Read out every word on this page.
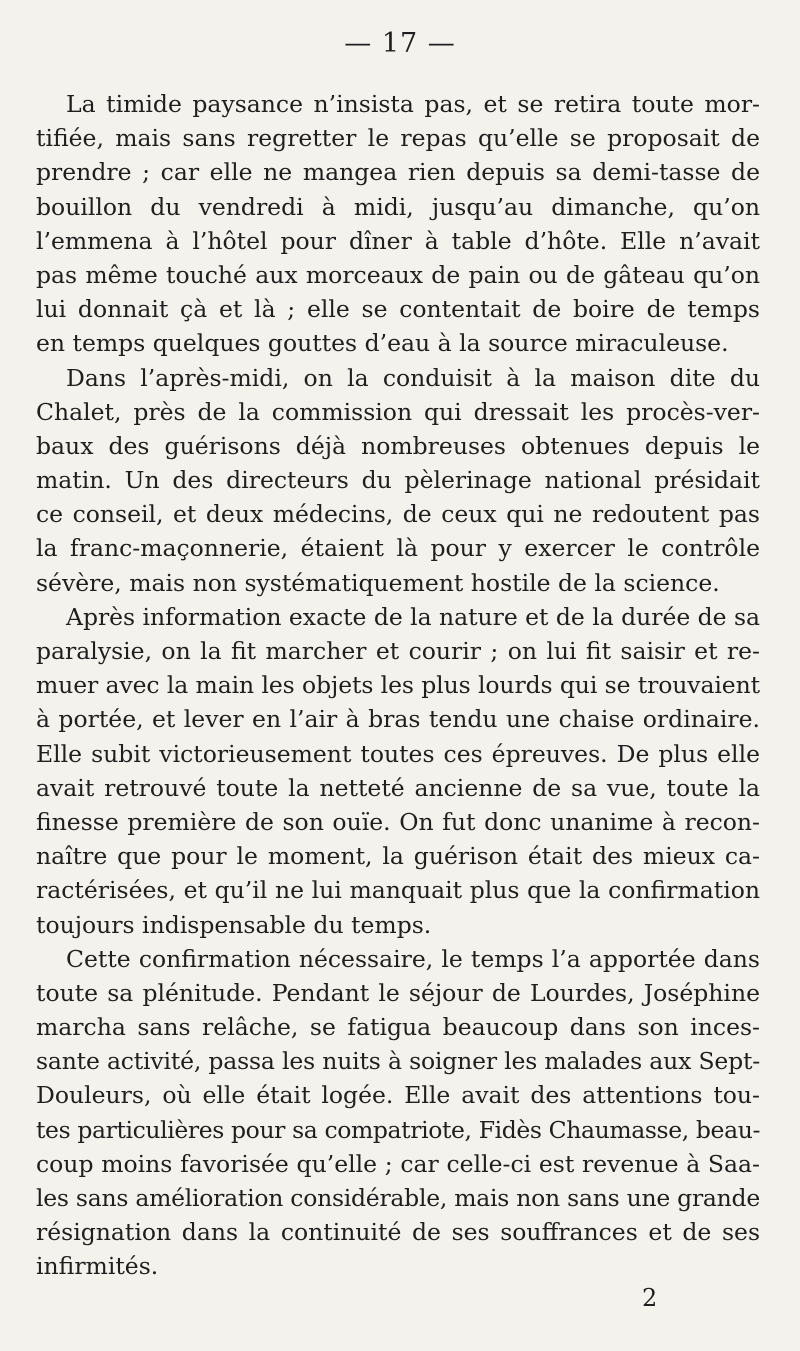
— 17 —
La timide paysance n’insista pas, et se retira toute mor-
tifiée, mais sans regretter le repas qu’elle se proposait de
prendre ; car elle ne mangea rien depuis sa demi-tasse de
bouillon du vendredi à midi, jusqu’au dimanche, qu’on
l’emmena à l’hôtel pour dîner à table d’hôte. Elle n’avait
pas même touché aux morceaux de pain ou de gâteau qu’on
lui donnait çà et là ; elle se contentait de boire de temps
en temps quelques gouttes d’eau à la source miraculeuse.
Dans l’après-midi, on la conduisit à la maison dite du
Chalet, près de la commission qui dressait les procès-ver-
baux des guérisons déjà nombreuses obtenues depuis le
matin. Un des directeurs du pèlerinage national présidait
ce conseil, et deux médecins, de ceux qui ne redoutent pas
la franc-maçonnerie, étaient là pour y exercer le contrôle
sévère, mais non systématiquement hostile de la science.
Après information exacte de la nature et de la durée de sa
paralysie, on la fit marcher et courir ; on lui fit saisir et re-
muer avec la main les objets les plus lourds qui se trouvaient
à portée, et lever en l’air à bras tendu une chaise ordinaire.
Elle subit victorieusement toutes ces épreuves. De plus elle
avait retrouvé toute la netteté ancienne de sa vue, toute la
finesse première de son ouïe. On fut donc unanime à recon-
naître que pour le moment, la guérison était des mieux ca-
ractérisées, et qu’il ne lui manquait plus que la confirmation
toujours indispensable du temps.
Cette confirmation nécessaire, le temps l’a apportée dans
toute sa plénitude. Pendant le séjour de Lourdes, Joséphine
marcha sans relâche, se fatigua beaucoup dans son inces-
sante activité, passa les nuits à soigner les malades aux Sept-
Douleurs, où elle était logée. Elle avait des attentions tou-
tes particulières pour sa compatriote, Fidès Chaumasse, beau-
coup moins favorisée qu’elle ; car celle-ci est revenue à Saa-
les sans amélioration considérable, mais non sans une grande
résignation dans la continuité de ses souffrances et de ses
infirmités.
2
